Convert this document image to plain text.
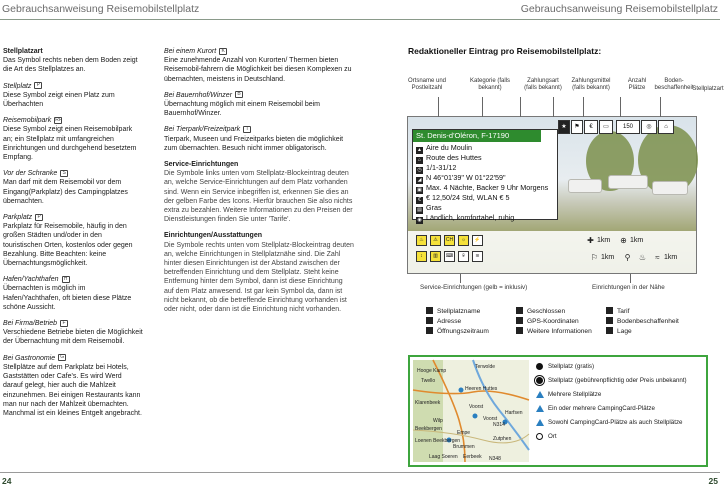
Gebrauchsanweisung Reisemobilstellplatz
Stellplatzart
Das Symbol rechts neben dem Boden zeigt die Art des Stellplatzes an.
Stellplatz P
Diese Symbol zeigt einen Platz zum Überhachten
Reisemobilpark RP
Diese Symbol zeigt einen Reisemobilpark an; ein Stellplatz mit umfangreichen Einrichtungen und durchgehend besetztem Empfang.
Vor der Schranke S
Man darf mit dem Reisemobil vor dem Eingang(Parkplatz) des Campingplatzes übernachten.
Parkplatz P
Parkplatz für Reisemobile, häufig in den großen Städten und/oder in den touristischen Orten, kostenlos oder gegen Bezahlung. Bitte Beachten: keine Übernachtungsmöglichkeit.
Hafen/Yachthafen H
Übernachten is möglich im Hafen/Yachthafen, oft bieten diese Plätze schöne Aussicht.
Bei Firma/Betrieb F
Verschiedene Betriebe bieten die Möglichkeit der Übernachtung mit dem Reisemobil.
Bei Gastronomie G
Stellplätze auf dem Parkplatz bei Hotels, Gaststätten oder Cafe's. Es wird Werd darauf gelegt, hier auch die Mahlzeit einzunehmen. Bei einigen Restaurants kann man nur nach der Mahlzeit übernachten. Manchmal ist ein kleines Entgelt angebracht.
Bei einem Kurort K
Eine zunehmende Anzahl von Kurorten/ Thermen bieten Reisemobil-fahrern die Möglichkeit bei diesen Komplexen zu übernachten, meistens in Deutschland.
Bei Bauernhof/Winzer B
Übernachtung möglich mit einem Reisemobil beim Bauernhof/Winzer.
Bei Tierpark/Freizeitpark T
Tierpark, Museen und Freizeitparks bieten die möglichkeit zum übernachten. Besuch nicht immer obligatorisch.
Service-Einrichtungen
Die Symbole links unten vom Stellplatz-Blockeintrag deuten an, welche Service-Einrichtungen auf dem Platz vorhanden sind. Wenn ein Service inbegriffen ist, erkennen Sie dies an der gelben Farbe des Icons. Hierfür brauchen Sie also nichts extra zu bezahlen. Weitere Informationen zu den Preisen der Dienstleistungen finden Sie unter 'Tarife'.
Einrichtungen/Ausstattungen
Die Symbole rechts unten vom Stellplatz-Blockeintrag deuten an, welche Einrichtungen in Stellplatznähe sind. Die Zahl hinter diesen Einrichtungen ist der Abstand zwischen der betreffenden Einrichtung und dem Stellplatz. Steht keine Entfernung hinter dem Symbol, dann ist diese Einrichtung auf dem Platz anwesend. Ist gar kein Symbol da, dann ist nicht bekannt, ob die betreffende Einrichtung vorhanden ist oder nicht, oder dann ist die Einrichtung nicht vorhanden.
24
Gebrauchsanweisung Reisemobilstellplatz
Redaktioneller Eintrag pro Reisemobilstellplatz:
Ortsname und Postleitzahl
Kategorie (falls bekannt)
Zahlungsart (falls bekannt)
Zahlungsmittel (falls bekannt)
Anzahl Plätze
Boden-beschaffenheit
Stellplatzart
★	⚑	€	▭	150	◎	⌂
St. Denis-d'Oléron, F-17190
▲ Aire du Moulin
⌂ Route des Huttes
◷ 1/1-31/12
◢ N 46°01'39" W 01°22'59"
▣ Max. 4 Nächte, Backer 9 Uhr Morgens
€ € 12,50/24 Std, WLAN € 5
▤ Gras
◉ Ländlich, komfortabel, ruhig
♨	⚠	CH	☼	⚡
↕	▥	⌨	⌾	≋
✚ 1km ⊕ 1km
⚐ 1km ⚲ ♨ ≈ 1km
Service-Einrichtungen (gelb = inklusiv)	Einrichtungen in der Nähe
Stellplatzname
Adresse
Öffnungszeitraum
Geschlossen
GPS-Koordinaten
Weitere Informationen
Tarif
Bodenbeschaffenheit
Lage
Terwolde
Hooge Kamp
Twello
Heeren Huttes
Klarenbeek
Voorst
Wilp
Beekbergen
Loenen Beekbergen
Brummen
Empe
Zutphen
Eerbeek
Laag Soeren	N348
N314
Voorst
Harfsen
Stellplatz (gratis)
Stellplatz (gebührenpflichtig oder Preis unbekannt)
Mehrere Stellplätze
Ein oder mehrere CampingCard-Plätze
Sowohl CampingCard-Plätze als auch Stellplätze
Ort
25
